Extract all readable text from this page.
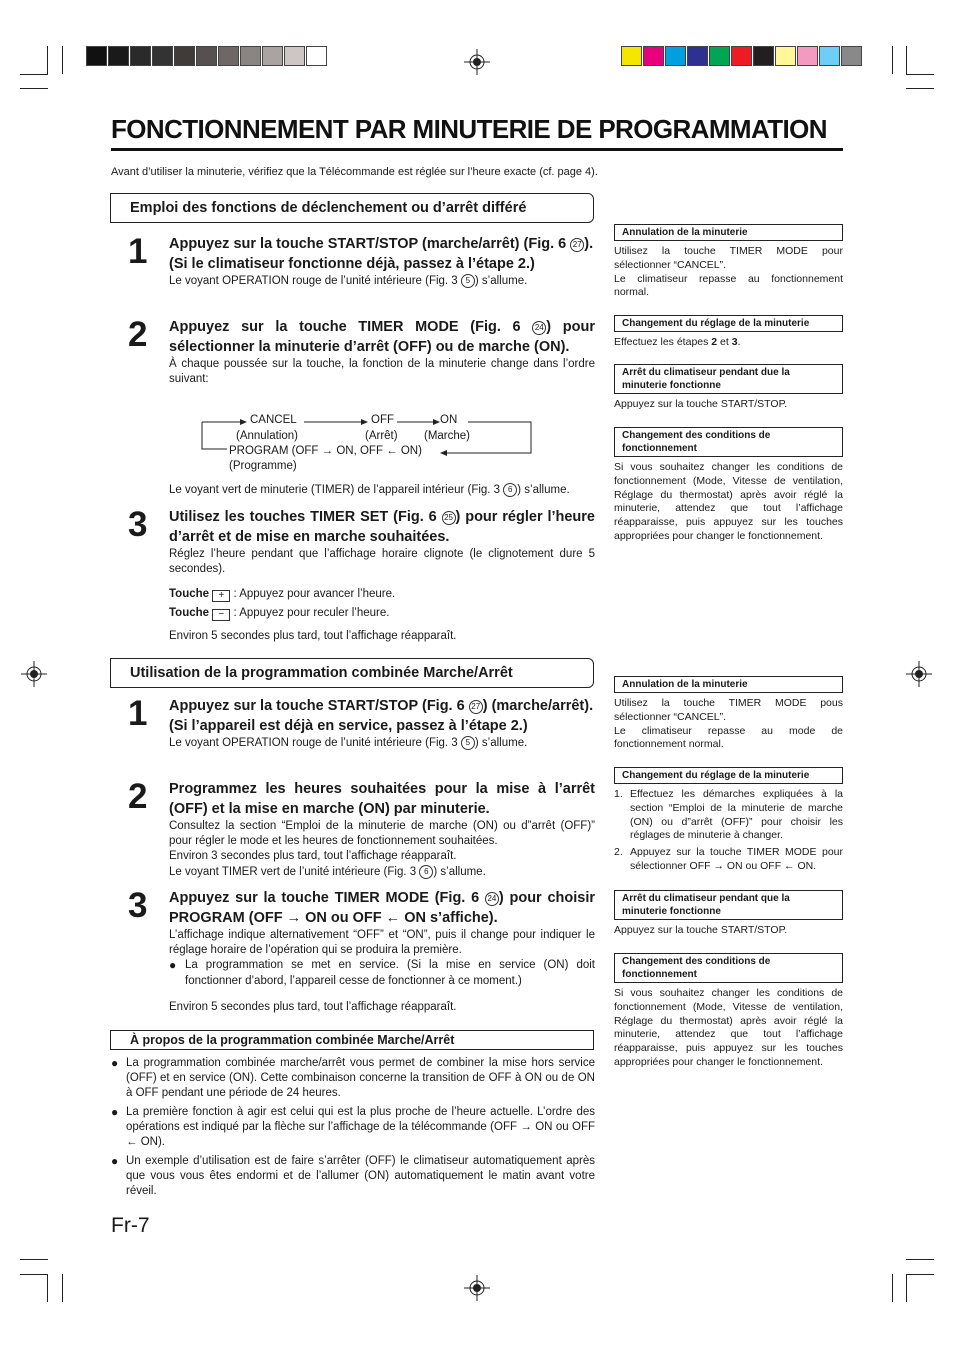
FONCTIONNEMENT PAR MINUTERIE DE PROGRAMMATION
Avant d’utiliser la minuterie, vérifiez que la Télécommande est réglée sur l’heure exacte (cf. page 4).
Emploi des fonctions de déclenchement ou d’arrêt différé
1 Appuyez sur la touche START/STOP (marche/arrêt) (Fig. 6 27 ).
(Si le climatiseur fonctionne déjà, passez à l’étape 2.)

Le voyant OPERATION rouge de l’unité intérieure (Fig. 3 5 ) s’allume.

2 Appuyez sur la touche TIMER MODE (Fig. 6 24 ) pour sélectionner la minuterie d’arrêt (OFF) ou de marche (ON).

À chaque poussée sur la touche, la fonction de la minuterie change dans l’ordre suivant:

CANCEL
(Annulation)
OFF
(Arrêt)
ON
(Marche)
PROGRAM (OFF → ON, OFF ← ON)
(Programme)
Le voyant vert de minuterie (TIMER) de l’appareil intérieur (Fig. 3 6 ) s’allume.
3 Utilisez les touches TIMER SET (Fig. 6 25 ) pour régler l’heure d’arrêt et de mise en marche souhaitées.

Réglez l’heure pendant que l’affichage horaire clignote (le clignotement dure 5 secondes).

Touche + : Appuyez pour avancer l’heure.
Touche − : Appuyez pour reculer l’heure.
Environ 5 secondes plus tard, tout l’affichage réapparaît.
Annulation de la minuterie

Utilisez la touche TIMER MODE pour sélectionner “CANCEL”.
Le climatiseur repasse au fonctionnement normal.

Changement du réglage de la minuterie

Effectuez les étapes 2 et 3.

Arrêt du climatiseur pendant due la minuterie fonctionne

Appuyez sur la touche START/STOP.

Changement des conditions de fonctionnement

Si vous souhaitez changer les conditions de fonctionnement (Mode, Vitesse de ventilation, Réglage du thermostat) après avoir réglé la minuterie, attendez que tout l’affichage réapparaisse, puis appuyez sur les touches appropriées pour changer le fonctionnement.

Utilisation de la programmation combinée Marche/Arrêt
1 Appuyez sur la touche START/STOP (Fig. 6 27 ) (marche/arrêt).
(Si l’appareil est déjà en service, passez à l’étape 2.)

Le voyant OPERATION rouge de l’unité intérieure (Fig. 3 5 ) s’allume.

2 Programmez les heures souhaitées pour la mise à l’arrêt (OFF) et la mise en marche (ON) par minuterie.

Consultez la section “Emploi de la minuterie de marche (ON) ou d”arrêt (OFF)” pour régler le mode et les heures de fonctionnement souhaitées.

Environ 3 secondes plus tard, tout l’affichage réapparaît.

Le voyant TIMER vert de l’unité intérieure (Fig. 3 6 ) s’allume.

3 Appuyez sur la touche TIMER MODE (Fig. 6 24 ) pour choisir PROGRAM (OFF → ON ou OFF ← ON s’affiche).

L’affichage indique alternativement “OFF” et “ON”, puis il change pour indiquer le réglage horaire de l’opération qui se produira la première.

● La programmation se met en service. (Si la mise en service (ON) doit fonctionner d’abord, l’appareil cesse de fonctionner à ce moment.)

Environ 5 secondes plus tard, tout l’affichage réapparaît.
Annulation de la minuterie

Utilisez la touche TIMER MODE pous sélectionner “CANCEL”.
Le climatiseur repasse au mode de fonctionnement normal.

Changement du réglage de la minuterie
1. Effectuez les démarches expliquées à la section “Emploi de la minuterie de marche (ON) ou d”arrêt (OFF)” pour choisir les réglages de minuterie à changer.

2. Appuyez sur la touche TIMER MODE pour sélectionner OFF → ON ou OFF ← ON.

Arrêt du climatiseur pendant que la minuterie fonctionne

Appuyez sur la touche START/STOP.

Changement des conditions de fonctionnement

Si vous souhaitez changer les conditions de fonctionnement (Mode, Vitesse de ventilation, Réglage du thermostat) après avoir réglé la minuterie, attendez que tout l’affichage réapparaisse, puis appuyez sur les touches appropriées pour changer le fonctionnement.

À propos de la programmation combinée Marche/Arrêt
● La programmation combinée marche/arrêt vous permet de combiner la mise hors service (OFF) et en service (ON). Cette combinaison concerne la transition de OFF à ON ou de ON à OFF pendant une période de 24 heures.
● La première fonction à agir est celui qui est la plus proche de l’heure actuelle. L’ordre des opérations est indiqué par la flèche sur l’affichage de la télécommande (OFF → ON ou OFF ← ON).
● Un exemple d’utilisation est de faire s’arrêter (OFF) le climatiseur automatiquement après que vous vous êtes endormi et de l’allumer (ON) automatiquement le matin avant votre réveil.
Fr-7
